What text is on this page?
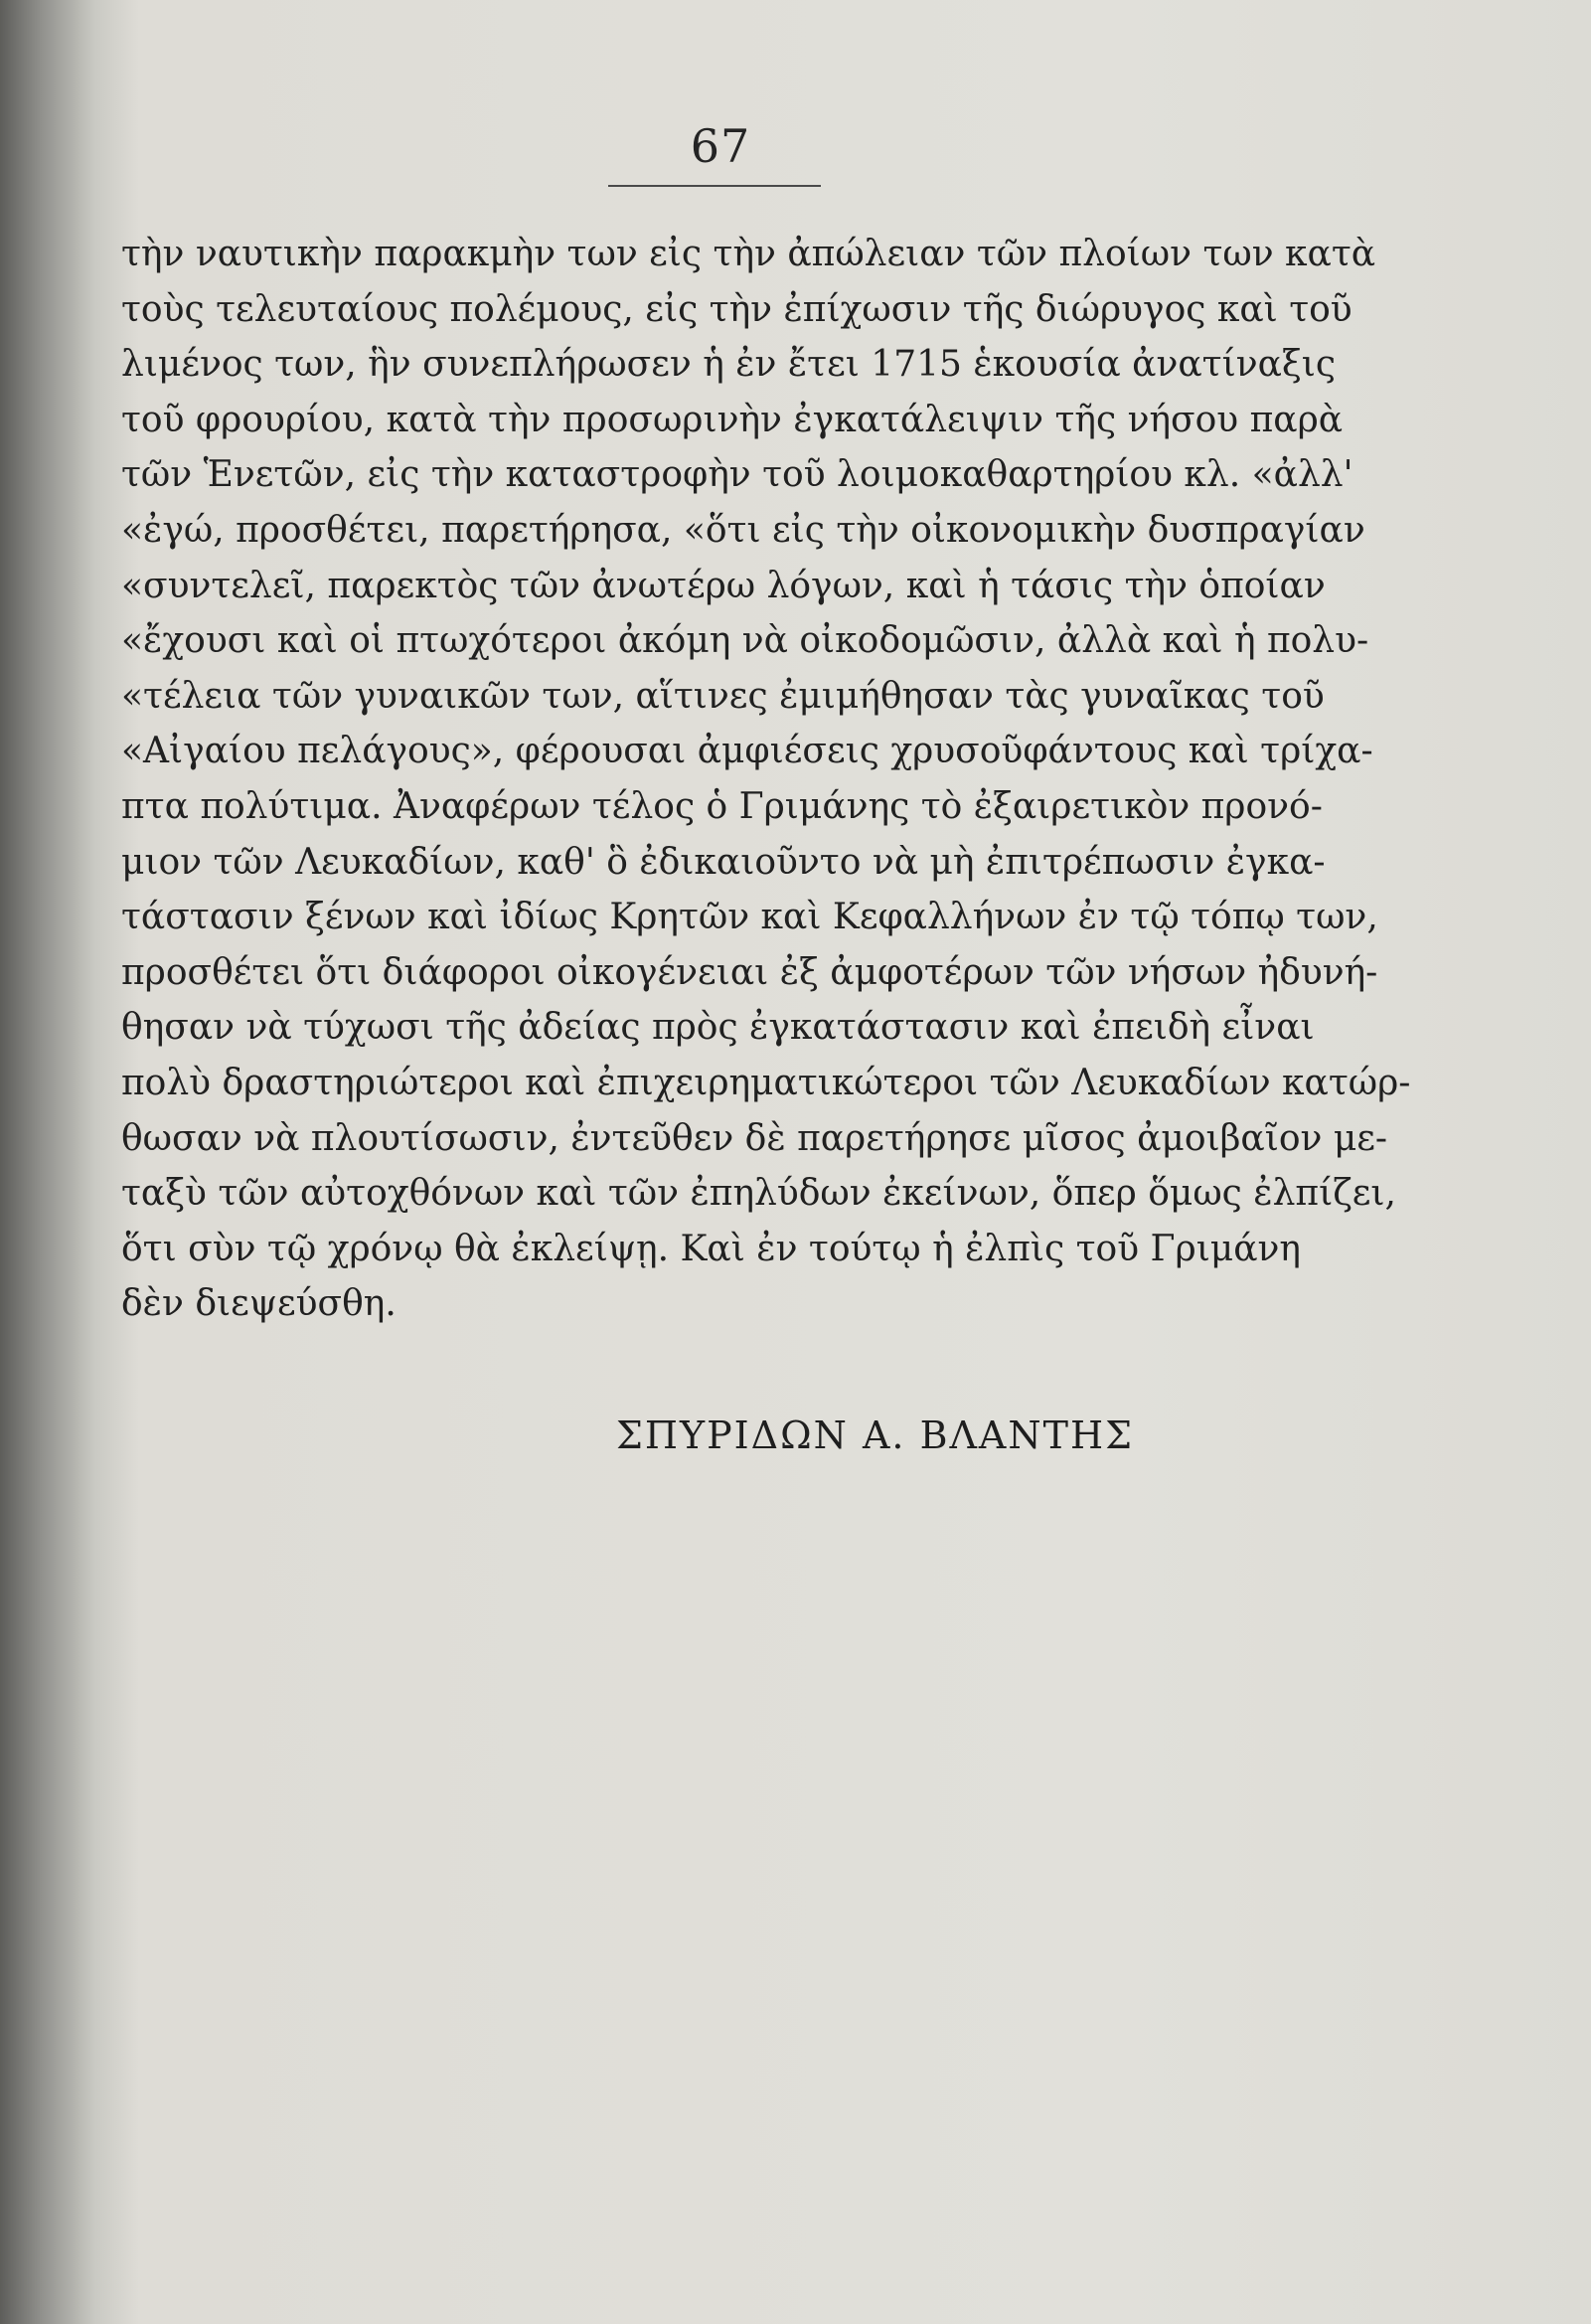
67
τὴν ναυτικὴν παρακμὴν των εἰς τὴν ἀπώλειαν τῶν πλοίων των κατὰ
τοὺς τελευταίους πολέμους, εἰς τὴν ἐπίχωσιν τῆς διώρυγος καὶ τοῦ
λιμένος των, ἣν συνεπλήρωσεν ἡ ἐν ἔτει 1715 ἑκουσία ἀνατίναξις
τοῦ φρουρίου, κατὰ τὴν προσωρινὴν ἐγκατάλειψιν τῆς νήσου παρὰ
τῶν Ἑνετῶν, εἰς τὴν καταστροφὴν τοῦ λοιμοκαθαρτηρίου κλ. «ἀλλ'
«ἐγώ, προσθέτει, παρετήρησα, «ὅτι εἰς τὴν οἰκονομικὴν δυσπραγίαν
«συντελεῖ, παρεκτὸς τῶν ἀνωτέρω λόγων, καὶ ἡ τάσις τὴν ὁποίαν
«ἔχουσι καὶ οἱ πτωχότεροι ἀκόμη νὰ οἰκοδομῶσιν, ἀλλὰ καὶ ἡ πολυ-
«τέλεια τῶν γυναικῶν των, αἵτινες ἐμιμήθησαν τὰς γυναῖκας τοῦ
«Αἰγαίου πελάγους», φέρουσαι ἀμφιέσεις χρυσοῦφάντους καὶ τρίχα-
πτα πολύτιμα. Ἀναφέρων τέλος ὁ Γριμάνης τὸ ἐξαιρετικὸν προνό-
μιον τῶν Λευκαδίων, καθ' ὃ ἐδικαιοῦντο νὰ μὴ ἐπιτρέπωσιν ἐγκα-
τάστασιν ξένων καὶ ἰδίως Κρητῶν καὶ Κεφαλλήνων ἐν τῷ τόπῳ των,
προσθέτει ὅτι διάφοροι οἰκογένειαι ἐξ ἀμφοτέρων τῶν νήσων ἠδυνή-
θησαν νὰ τύχωσι τῆς ἀδείας πρὸς ἐγκατάστασιν καὶ ἐπειδὴ εἶναι
πολὺ δραστηριώτεροι καὶ ἐπιχειρηματικώτεροι τῶν Λευκαδίων κατώρ-
θωσαν νὰ πλουτίσωσιν, ἐντεῦθεν δὲ παρετήρησε μῖσος ἀμοιβαῖον με-
ταξὺ τῶν αὐτοχθόνων καὶ τῶν ἐπηλύδων ἐκείνων, ὅπερ ὅμως ἐλπίζει,
ὅτι σὺν τῷ χρόνῳ θὰ ἐκλείψῃ. Καὶ ἐν τούτῳ ἡ ἐλπὶς τοῦ Γριμάνη
δὲν διεψεύσθη.
ΣΠΥΡΙΔΩΝ Α. ΒΛΑΝΤΗΣ
